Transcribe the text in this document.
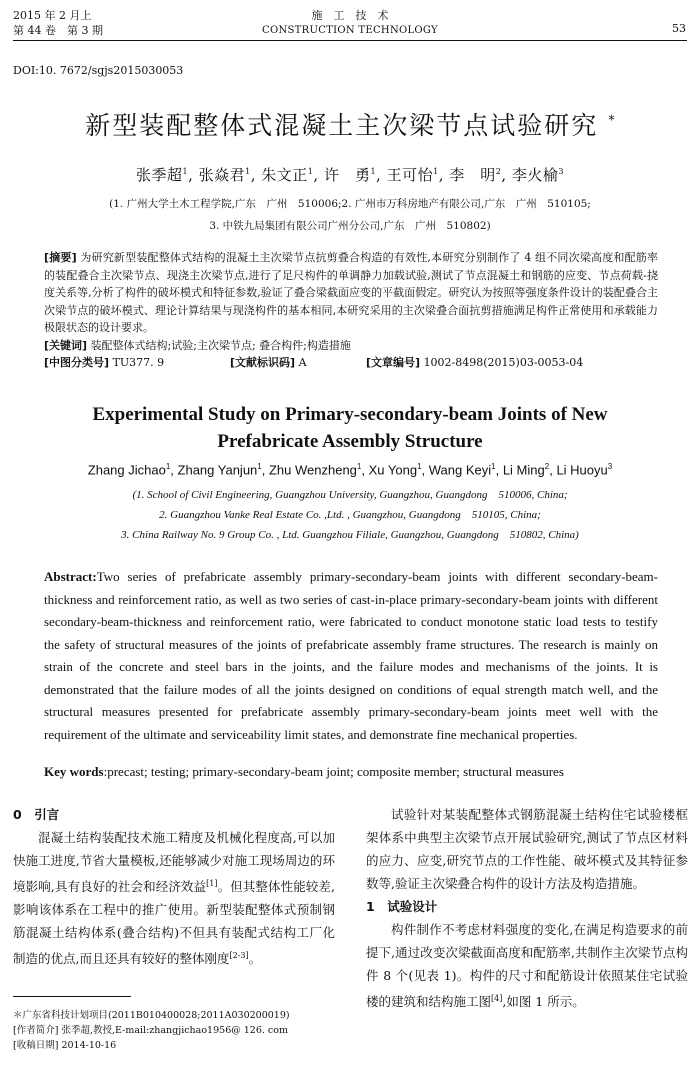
2015 年 2 月上
第 44 卷　第 3 期
施　工　技　术
CONSTRUCTION TECHNOLOGY	53
DOI:10. 7672/sgjs2015030053
新型装配整体式混凝土主次梁节点试验研究 *
张季超$^1$, 张焱君$^1$, 朱文正$^1$, 许　勇$^1$, 王可怡$^1$, 李　明$^2$, 李火榆$^3$
(1. 广州大学土木工程学院,广东　广州　510006;2. 广州市万科房地产有限公司,广东　广州　510105;
3. 中铁九局集团有限公司广州分公司,广东　广州　510802)
[摘要] 为研究新型装配整体式结构的混凝土主次梁节点抗剪叠合构造的有效性,本研究分别制作了 4 组不同次梁高度和配筋率的装配叠合主次梁节点、现浇主次梁节点,进行了足尺构件的单调静力加载试验,测试了节点混凝土和钢筋的应变、节点荷载-挠度关系等,分析了构件的破坏模式和特征参数,验证了叠合梁截面应变的平截面假定。研究认为按照等强度条件设计的装配叠合主次梁节点的破坏模式、理论计算结果与现浇构件的基本相同,本研究采用的主次梁叠合面抗剪措施满足构件正常使用和承载能力极限状态的设计要求。
[关键词] 装配整体式结构;试验;主次梁节点; 叠合构件;构造措施
[中图分类号] TU377. 9	[文献标识码] A	[文章编号] 1002-8498(2015)03-0053-04
Experimental Study on Primary-secondary-beam Joints of New
Prefabricate Assembly Structure
Zhang Jichao$^1$, Zhang Yanjun$^1$, Zhu Wenzheng$^1$, Xu Yong$^1$, Wang Keyi$^1$, Li Ming$^2$, Li Huoyu$^3$
(1. School of Civil Engineering, Guangzhou University, Guangzhou, Guangdong　510006, China;
2. Guangzhou Vanke Real Estate Co. ,Ltd. , Guangzhou, Guangdong　510105, China;
3. China Railway No. 9 Group Co. , Ltd. Guangzhou Filiale, Guangzhou, Guangdong　510802, China)
Abstract:Two series of prefabricate assembly primary-secondary-beam joints with different secondary-beam-thickness and reinforcement ratio, as well as two series of cast-in-place primary-secondary-beam joints with different secondary-beam-thickness and reinforcement ratio, were fabricated to conduct monotone static load tests to testify the safety of structural measures of the joints of prefabricate assembly frame structures. The research is mainly on strain of the concrete and steel bars in the joints, and the failure modes and mechanisms of the joints. It is demonstrated that the failure modes of all the joints designed on conditions of equal strength match well, and the structural measures presented for prefabricate assembly primary-secondary-beam joints meet well with the requirement of the ultimate and serviceability limit states, and demonstrate fine mechanical properties.
Key words:precast; testing; primary-secondary-beam joint; composite member; structural measures
0　引言

混凝土结构装配技术施工精度及机械化程度高,可以加快施工进度,节省大量模板,还能够减少对施工现场周边的环境影响,具有良好的社会和经济效益[1]。但其整体性能较差,影响该体系在工程中的推广使用。新型装配整体式预制钢筋混凝土结构体系(叠合结构)不但具有装配式结构工厂化制造的优点,而且还具有较好的整体刚度[2-3]。

试验针对某装配整体式钢筋混凝土结构住宅试验楼框架体系中典型主次梁节点开展试验研究,测试了节点区材料的应力、应变,研究节点的工作性能、破坏模式及其特征参数等,验证主次梁叠合构件的设计方法及构造措施。

1　试验设计

构件制作不考虑材料强度的变化,在满足构造要求的前提下,通过改变次梁截面高度和配筋率,共制作主次梁节点构件 8 个(见表 1)。构件的尺寸和配筋设计依照某住宅试验楼的建筑和结构施工图[4],如图 1 所示。

＊广东省科技计划项目(2011B010400028;2011A030200019)
[作者简介] 张季超,教授,E-mail:zhangjichao1956@ 126. com
[收稿日期] 2014-10-16
